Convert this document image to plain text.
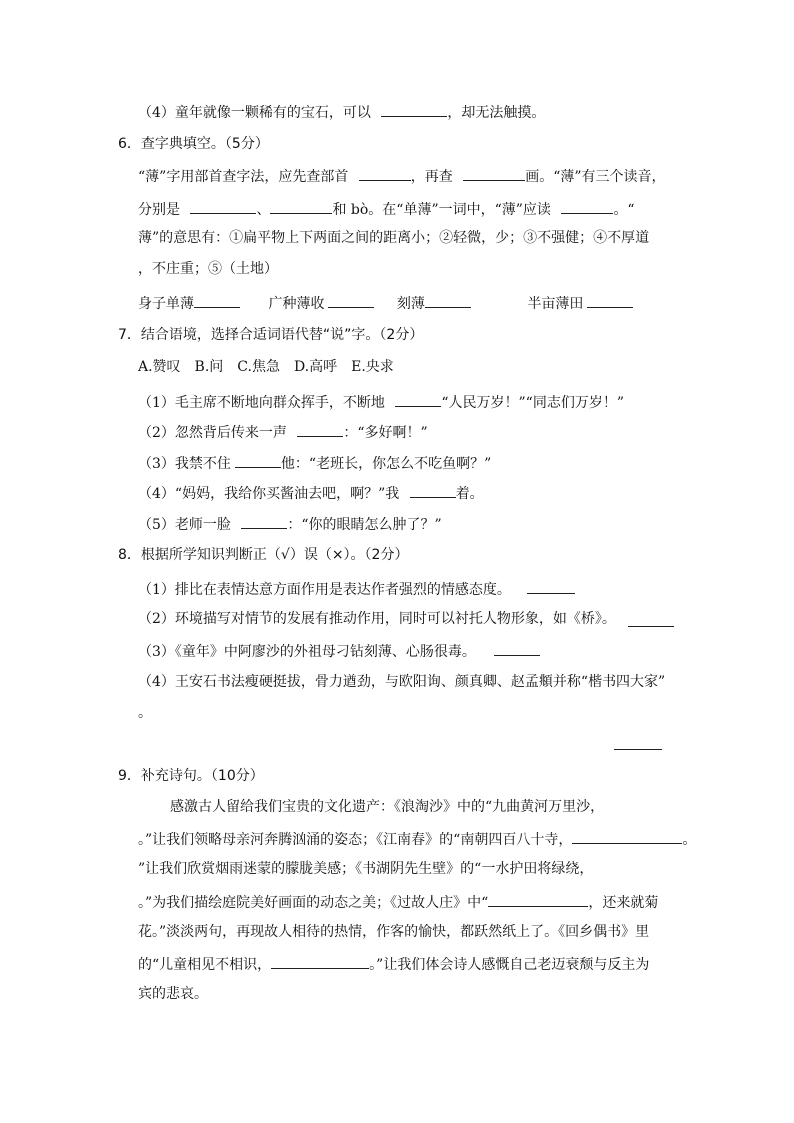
（4）童年就像一颗稀有的宝石，可以	，却无法触摸。
6．查字典填空。（5分）
“薄”字用部首查字法，应先查部首	，再查	画。“薄”有三个读音，
分别是	、	和 bò。在“单薄”一词中，“薄”应读	。“
薄”的意思有：①扁平物上下两面之间的距离小；②轻微，少；③不强健；④不厚道
，不庄重；⑤（土地）
身子单薄	广种薄收	刻薄	半亩薄田
7．结合语境，选择合适词语代替“说”字。（2分）
A.赞叹　B.问　C.焦急　D.高呼　E.央求
（1）毛主席不断地向群众挥手，不断地	“人民万岁！”“同志们万岁！”
（2）忽然背后传来一声	：“多好啊！”
（3）我禁不住	他：“老班长，你怎么不吃鱼啊？”
（4）“妈妈，我给你买酱油去吧，啊？”我	着。
（5）老师一脸	：“你的眼睛怎么肿了？”
8．根据所学知识判断正（√）误（×）。（2分）
（1）排比在表情达意方面作用是表达作者强烈的情感态度。
（2）环境描写对情节的发展有推动作用，同时可以衬托人物形象，如《桥》。
（3）《童年》中阿廖沙的外祖母刁钻刻薄、心肠很毒。
（4）王安石书法瘦硬挺拔，骨力遒劲，与欧阳询、颜真卿、赵孟頫并称“楷书四大家”
。
9．补充诗句。（10分）
感激古人留给我们宝贵的文化遗产：《浪淘沙》中的“九曲黄河万里沙，
。”让我们领略母亲河奔腾汹涌的姿态；《江南春》的“南朝四百八十寺，	。
”让我们欣赏烟雨迷蒙的朦胧美感；《书湖阴先生壁》的“一水护田将绿绕，
。”为我们描绘庭院美好画面的动态之美；《过故人庄》中“	，还来就菊
花。”淡淡两句，再现故人相待的热情，作客的愉快，都跃然纸上了。《回乡偶书》里
的“儿童相见不相识，	。”让我们体会诗人感慨自己老迈衰颓与反主为
宾的悲哀。
